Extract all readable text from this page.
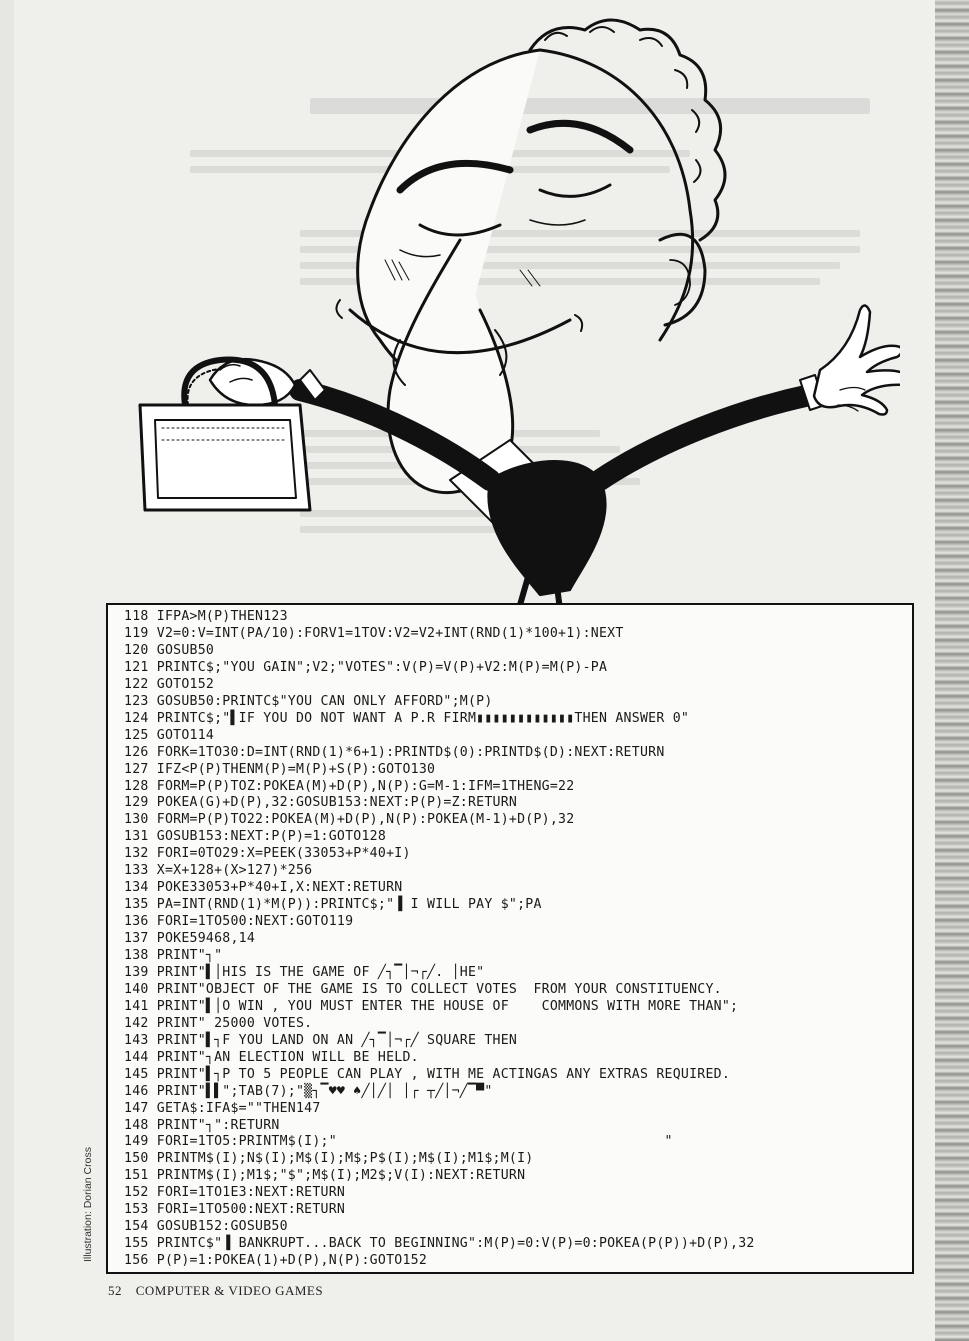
118 IFPA>M(P)THEN123
119 V2=0:V=INT(PA/10):FORV1=1TOV:V2=V2+INT(RND(1)*100+1):NEXT
120 GOSUB50
121 PRINTC$;"YOU GAIN";V2;"VOTES":V(P)=V(P)+V2:M(P)=M(P)-PA
122 GOTO152
123 GOSUB50:PRINTC$"YOU CAN ONLY AFFORD";M(P)
124 PRINTC$;"▌IF YOU DO NOT WANT A P.R FIRM▮▮▮▮▮▮▮▮▮▮▮▮THEN ANSWER 0"
125 GOTO114
126 FORK=1TO30:D=INT(RND(1)*6+1):PRINTD$(0):PRINTD$(D):NEXT:RETURN
127 IFZ<P(P)THENM(P)=M(P)+S(P):GOTO130
128 FORM=P(P)TOZ:POKEA(M)+D(P),N(P):G=M-1:IFM=1THENG=22
129 POKEA(G)+D(P),32:GOSUB153:NEXT:P(P)=Z:RETURN
130 FORM=P(P)TO22:POKEA(M)+D(P),N(P):POKEA(M-1)+D(P),32
131 GOSUB153:NEXT:P(P)=1:GOTO128
132 FORI=0TO29:X=PEEK(33053+P*40+I)
133 X=X+128+(X>127)*256
134 POKE33053+P*40+I,X:NEXT:RETURN
135 PA=INT(RND(1)*M(P)):PRINTC$;"▐ I WILL PAY $";PA
136 FORI=1TO500:NEXT:GOTO119
137 POKE59468,14
138 PRINT"┐"
139 PRINT"▌│HIS IS THE GAME OF ╱┐▔│¬┌╱. │HE"
140 PRINT"OBJECT OF THE GAME IS TO COLLECT VOTES  FROM YOUR CONSTITUENCY.
141 PRINT"▌│O WIN , YOU MUST ENTER THE HOUSE OF    COMMONS WITH MORE THAN";
142 PRINT" 25000 VOTES.
143 PRINT"▌┐F YOU LAND ON AN ╱┐▔│¬┌╱ SQUARE THEN
144 PRINT"┐AN ELECTION WILL BE HELD.
145 PRINT"▌┐P TO 5 PEOPLE CAN PLAY , WITH ME ACTINGAS ANY EXTRAS REQUIRED.
146 PRINT"▌▌";TAB(7);"▒┐▔♥♥ ♠╱│╱│ │┌ ┬╱│¬╱▔▀"
147 GETA$:IFA$=""THEN147
148 PRINT"┐":RETURN
149 FORI=1TO5:PRINTM$(I);"                                        "
150 PRINTM$(I);N$(I);M$(I);M$;P$(I);M$(I);M1$;M(I)
151 PRINTM$(I);M1$;"$";M$(I);M2$;V(I):NEXT:RETURN
152 FORI=1TO1E3:NEXT:RETURN
153 FORI=1TO500:NEXT:RETURN
154 GOSUB152:GOSUB50
155 PRINTC$"▐ BANKRUPT...BACK TO BEGINNING":M(P)=0:V(P)=0:POKEA(P(P))+D(P),32
156 P(P)=1:POKEA(1)+D(P),N(P):GOTO152
Illustration: Dorian Cross
52 COMPUTER & VIDEO GAMES
